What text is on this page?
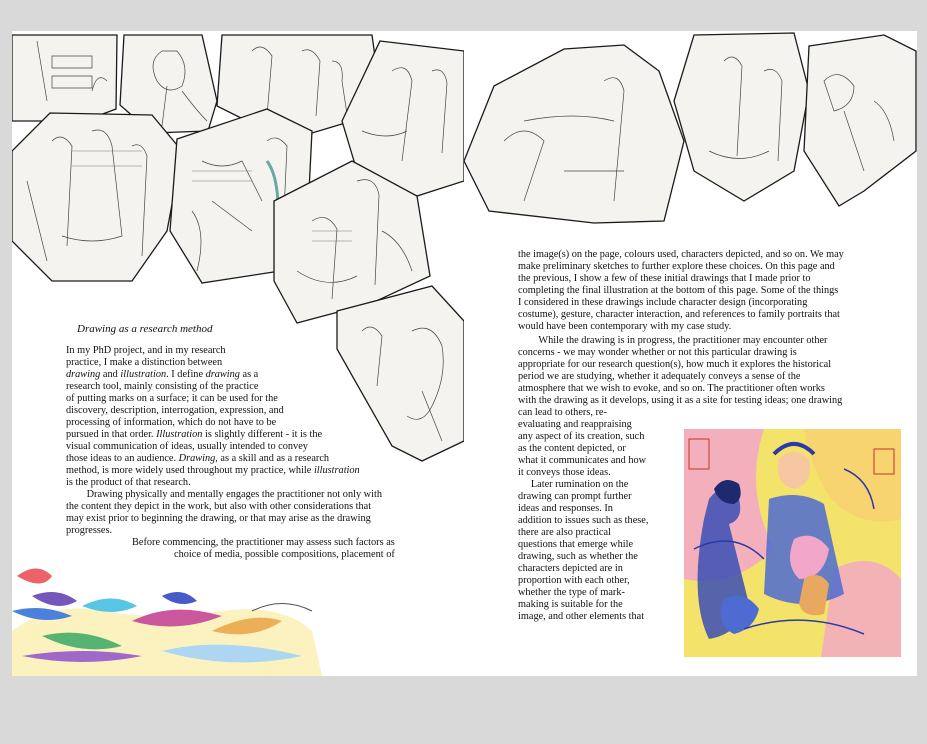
Drawing as a research method
In my PhD project, and in my research
practice, I make a distinction between
drawing and illustration. I define drawing as a
research tool, mainly consisting of the practice
of putting marks on a surface; it can be used for the
discovery, description, interrogation, expression, and
processing of information, which do not have to be
pursued in that order. Illustration is slightly different - it is the
visual communication of ideas, usually intended to convey
those ideas to an audience. Drawing, as a skill and as a research
method, is more widely used throughout my practice, while illustration
is the product of that research.
Drawing physically and mentally engages the practitioner not only with
the content they depict in the work, but also with other considerations that
may exist prior to beginning the drawing, or that may arise as the drawing
progresses.
Before commencing, the practitioner may assess such factors as
choice of media, possible compositions, placement of
the image(s) on the page, colours used, characters depicted, and so on. We may
make preliminary sketches to further explore these choices. On this page and
the previous, I show a few of these initial drawings that I made prior to
completing the final illustration at the bottom of this page. Some of the things
I considered in these drawings include character design (incorporating
costume), gesture, character interaction, and references to family portraits that
would have been contemporary with my case study.
While the drawing is in progress, the practitioner may encounter other
concerns - we may wonder whether or not this particular drawing is
appropriate for our research question(s), how much it explores the historical
period we are studying, whether it adequately conveys a sense of the
atmosphere that we wish to evoke, and so on. The practitioner often works
with the drawing as it develops, using it as a site for testing ideas; one drawing
can lead to others, re-
evaluating and reappraising
any aspect of its creation, such
as the content depicted, or
what it communicates and how
it conveys those ideas.
Later rumination on the
drawing can prompt further
ideas and responses. In
addition to issues such as these,
there are also practical
questions that emerge while
drawing, such as whether the
characters depicted are in
proportion with each other,
whether the type of mark-
making is suitable for the
image, and other elements that
